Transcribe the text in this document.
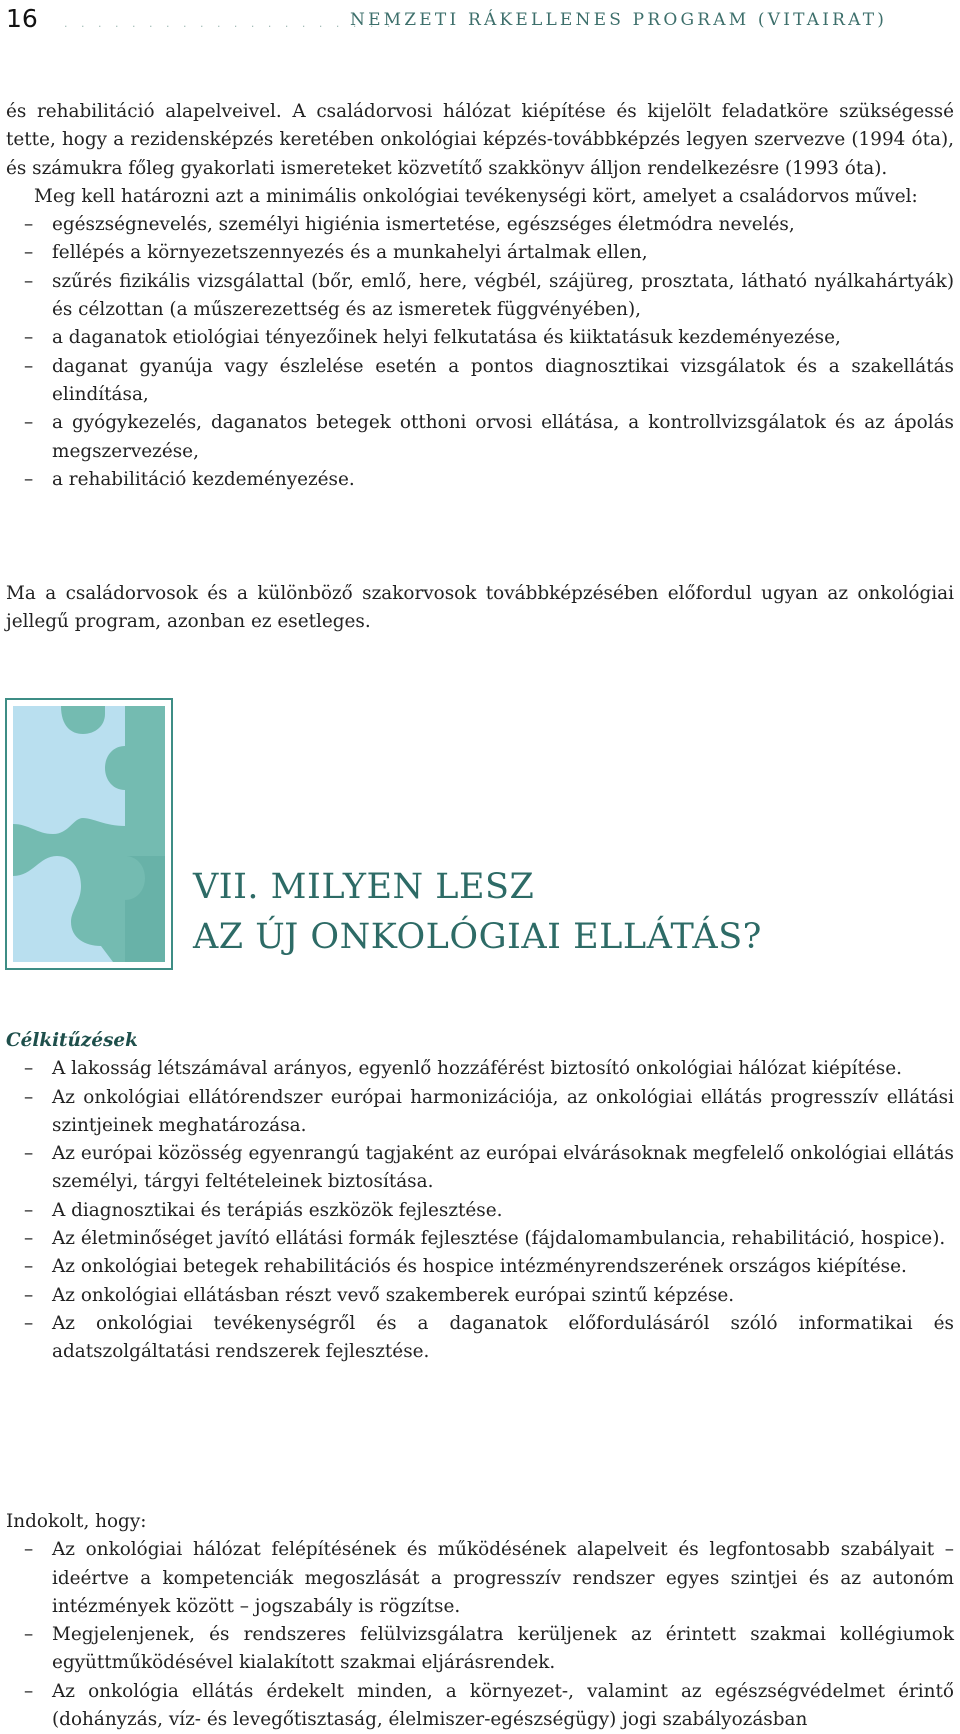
16 . . . . . . . . . . . . . . . . . . . .
NEMZETI RÁKELLENES PROGRAM (VITAIRAT)

és rehabilitáció alapelveivel. A családorvosi hálózat kiépítése és kijelölt feladatköre szükségessé tette, hogy a rezidensképzés keretében onkológiai képzés-továbbképzés legyen szervezve (1994 óta), és számukra főleg gyakorlati ismereteket közvetítő szakkönyv álljon rendelkezésre (1993 óta).

Meg kell határozni azt a minimális onkológiai tevékenységi kört, amelyet a családorvos művel:

– egészségnevelés, személyi higiénia ismertetése, egészséges életmódra nevelés,
– fellépés a környezetszennyezés és a munkahelyi ártalmak ellen,
– szűrés fizikális vizsgálattal (bőr, emlő, here, végbél, szájüreg, prosztata, látható nyálkahártyák) és célzottan (a műszerezettség és az ismeretek függvényében),
– a daganatok etiológiai tényezőinek helyi felkutatása és kiiktatásuk kezdeményezése,
– daganat gyanúja vagy észlelése esetén a pontos diagnosztikai vizsgálatok és a szakellátás elindítása,
– a gyógykezelés, daganatos betegek otthoni orvosi ellátása, a kontrollvizsgálatok és az ápolás megszervezése,
– a rehabilitáció kezdeményezése.

Ma a családorvosok és a különböző szakorvosok továbbképzésében előfordul ugyan az onkológiai jellegű program, azonban ez esetleges.

VII. MILYEN LESZ
AZ ÚJ ONKOLÓGIAI ELLÁTÁS?

Célkitűzések

– A lakosság létszámával arányos, egyenlő hozzáférést biztosító onkológiai hálózat kiépítése.
– Az onkológiai ellátórendszer európai harmonizációja, az onkológiai ellátás progresszív ellátási szintjeinek meghatározása.
– Az európai közösség egyenrangú tagjaként az európai elvárásoknak megfelelő onkológiai ellátás személyi, tárgyi feltételeinek biztosítása.
– A diagnosztikai és terápiás eszközök fejlesztése.
– Az életminőséget javító ellátási formák fejlesztése (fájdalomambulancia, rehabilitáció, hospice).
– Az onkológiai betegek rehabilitációs és hospice intézményrendszerének országos kiépítése.
– Az onkológiai ellátásban részt vevő szakemberek európai szintű képzése.
– Az onkológiai tevékenységről és a daganatok előfordulásáról szóló informatikai és adatszolgáltatási rendszerek fejlesztése.

Indokolt, hogy:

– Az onkológiai hálózat felépítésének és működésének alapelveit és legfontosabb szabályait – ideértve a kompetenciák megoszlását a progresszív rendszer egyes szintjei és az autonóm intézmények között – jogszabály is rögzítse.
– Megjelenjenek, és rendszeres felülvizsgálatra kerüljenek az érintett szakmai kollégiumok együttműködésével kialakított szakmai eljárásrendek.
– Az onkológia ellátás érdekelt minden, a környezet-, valamint az egészségvédelmet érintő (dohányzás, víz- és levegőtisztaság, élelmiszer-egészségügy) jogi szabályozásban
